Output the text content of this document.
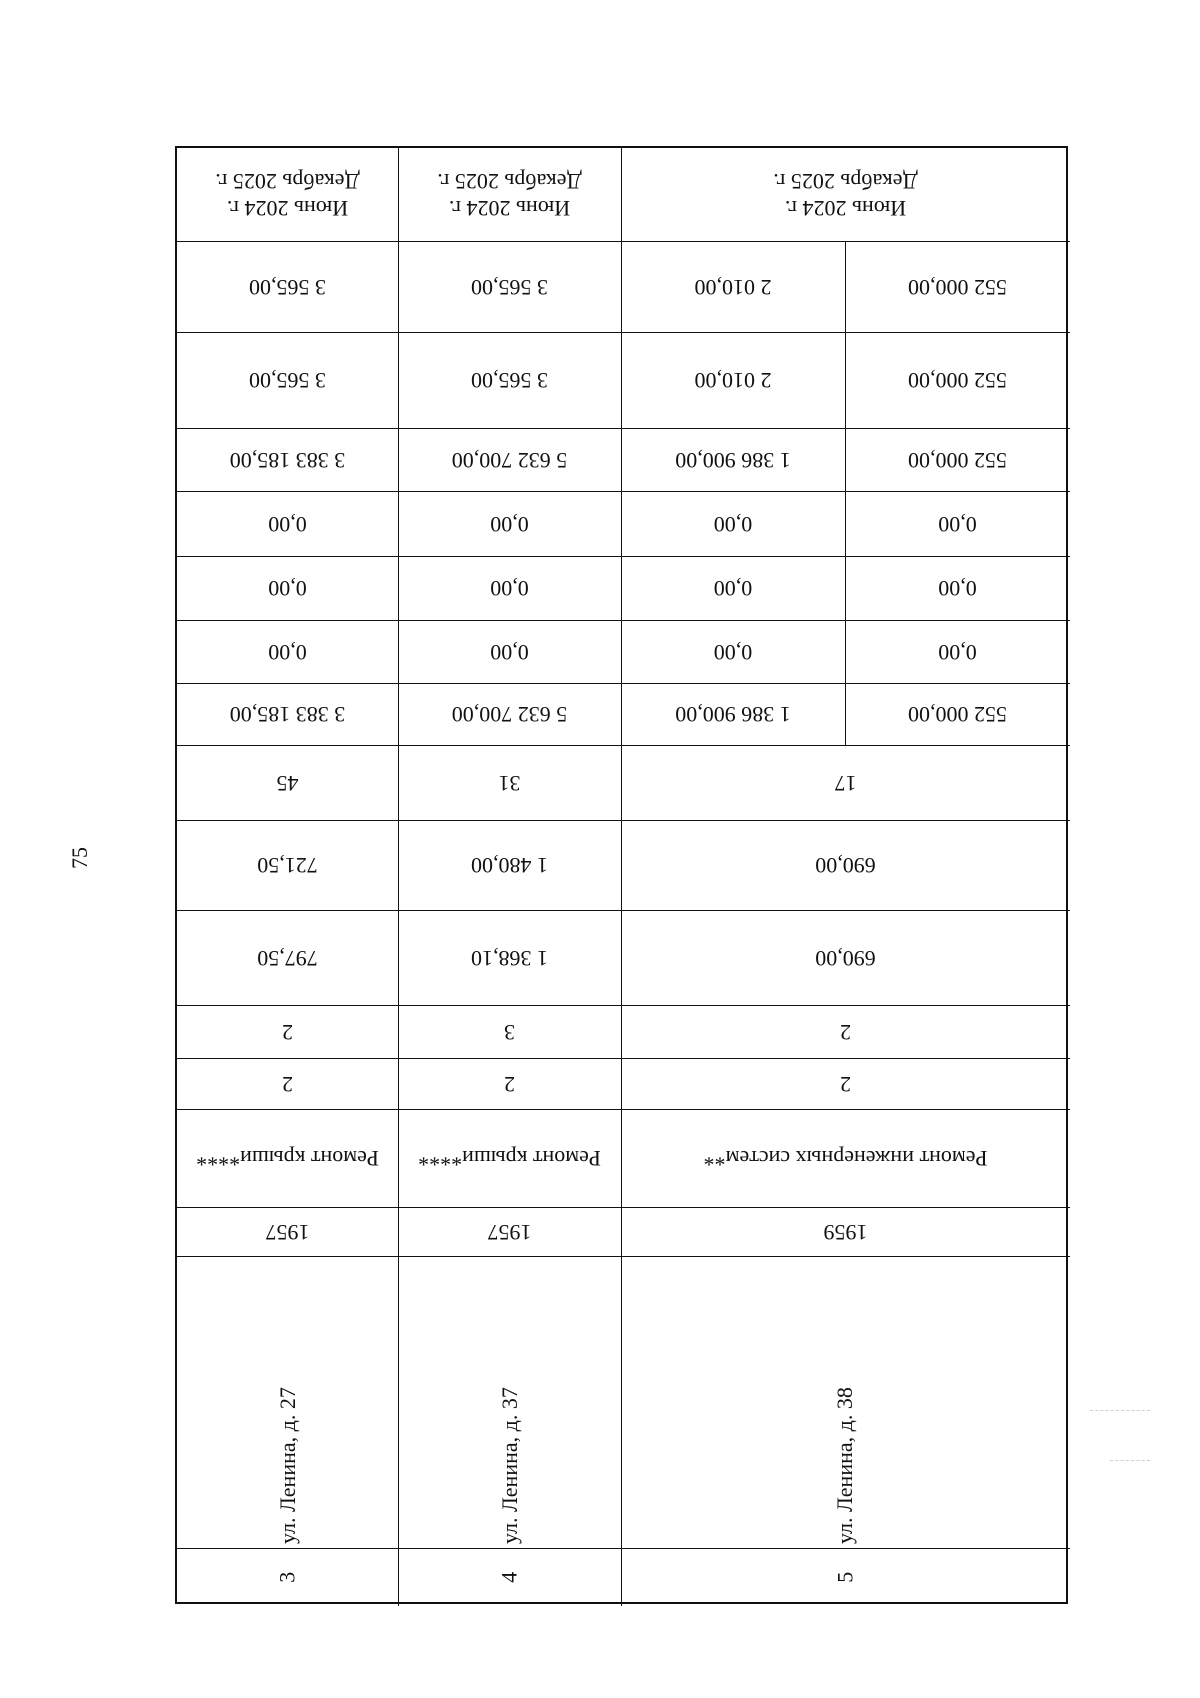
75
Июнь 2024 г.
Декабрь 2025 г.
3 565,00
3 565,00
3 383 185,00
0,00
0,00
0,00
3 383 185,00
45
721,50
797,50
2
2
Ремонт крыши****
1957
ул. Ленина, д. 27
3
Июнь 2024 г.
Декабрь 2025 г.
3 565,00
3 565,00
5 632 700,00
0,00
0,00
0,00
5 632 700,00
31
1 480,00
1 368,10
3
2
Ремонт крыши****
1957
ул. Ленина, д. 37
4
Июнь 2024 г.
Декабрь 2025 г.
2 010,00
2 010,00
1 386 900,00
0,00
0,00
0,00
1 386 900,00
552 000,00
552 000,00
552 000,00
0,00
0,00
0,00
552 000,00
17
690,00
690,00
2
2
Ремонт инженерных систем**
1959
ул. Ленина, д. 38
5
